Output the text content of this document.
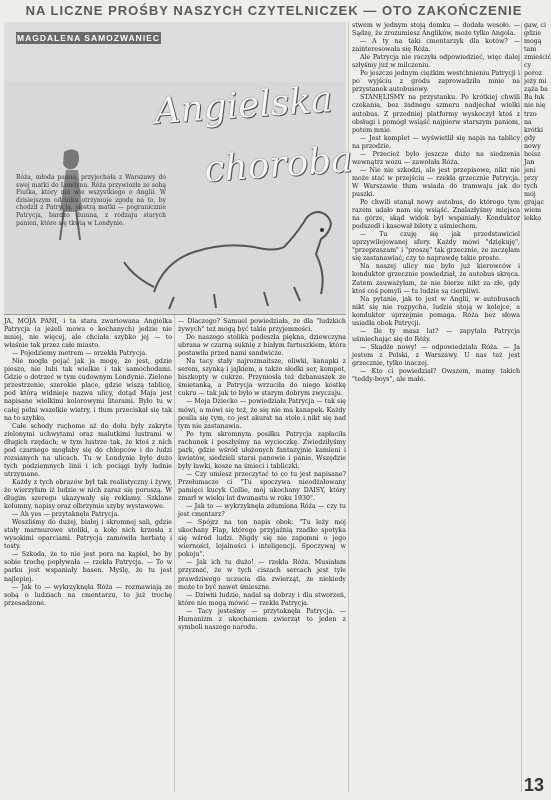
NA LICZNE PROŚBY NASZYCH CZYTELNICZEK — OTO ZAKOŃCZENIE
MAGDALENA SAMOZWANIEC
Angielska
choroba
Róża, młoda panna, przyjechała z Warszawy do swej matki do Londynu. Róża przywiozła ze sobą Fiutka, który nie wie wszystkiego o Anglii. W dzisiejszym odcinku otrzymuje zgodę na to, by chodził z Patrycją, siostrą matki — pogranicznie Patrycja, bardzo dumna, z rodzaju starych panien, które się tkwią w Londynie.

JA, MOJA PANI, i ta stara zwariowana Angielka Patrycja (a jeżeli mowa o kochanych) jedzie nie mniej, nie więcej, ale chciała szybko jej — to właśnie tak przez całe miasto.

— Pojedziemy metrem — orzekła Patrycja.

Nie mogła pojąć jak ja mogę, że jest, gdzie pieszo, nie lubi tak wielkie i tak samochodami. Gdzie o dotrzeć w tym cudownym Londynie. Zielone przestrzenie, szerokie place, gdzie wiszą tablicę, pod którą widnieje nazwa ulicy, dotąd Maja jest napisane wielkimi kolorowymi literami. Było tu w całej pełni wszelkie wiatry, i tłum przeciskał się tak na to szybko.

Całe schody ruchome aż do dołu były zakryte zielonymi uchwytami oraz malutkimi lustrami w długich rzędach; w tym lustrze tak, że ktoś z nich pod czarnego mogłaby się do chłopców i do ludzi rozsianych na ulicach. Tu w Londynie było dużo tych podziemnych linii i ich pociągi były ładnie utrzymane.

Każdy z tych obrazów był tak realistyczny i żywy, że wierzyłam iż ludzie w nich zaraz się poruszą. W długim szeregu ukazywały się reklamy. Szklane kolumny, napisy oraz olbrzymie szyby wystawowe.

— Ah yes — przytaknęła Patrycja.

Weszliśmy do dużej, białej i skromnej sali, gdzie stały marmurowe stoliki, a koło nich krzesła z wysokimi oparciami. Patrycja zamówiła herbatę i tosty.

— Szkoda, że to nie jest pora na kąpiel, bo by sobie trochę popływała — rzekła Patrycja. — To w parku jest wspaniały basen. Myślę, że tu jest najlepiej.

— Jak to — wykrzyknęła Róża — rozmawiają ze sobą o ludziach na cmentarzu, to już trochę przesadzone.

— Dlaczego? Samuel powiedziała, że dla "ludzkich żywych" też mogą być takie przyjemności.

Do naszego stolika podeszła piękna, dziewczyna ubrana w czarną suknię z białym fartuszkiem, która postawiła przed nami sandwicze.

Na tacy stały najrozmaitsze, oliwki, kanapki z serem, szynką i jajkiem, a także słodki ser, kompot, biszkopty w cukrze. Przyniosła też dzbanuszek ze śmietanką, a Patrycja wrzuciła do niego kostkę cukru — tak jak to było w starym dobrym zwyczaju.

— Moja Dziecko — powiedziała Patrycja — tak się mówi, a mówi się też, że się nie ma kanapek. Każdy posila się tym, co jest akurat na stole i nikt się nad tym nie zastanawia.

Po tym skromnym posiłku Patrycja zapłaciła rachunek i poszłyśmy na wycieczkę. Zwiedziłyśmy park, gdzie wśród ułożonych fantazyjnie kamieni i kwiatów, siedzieli starsi panowie i panie. Wszędzie były ławki, kosze na śmieci i tabliczki.

— Czy umiesz przeczytać to co tu jest napisane? Przełumacze ci "Tu spoczywa nieodżałowany pamięci kucyk Collie, mój ukochany DAISY, który zmarł w wieku lat dwunastu w roku 1930".

— Jak to — wykrzyknęła zdumiona Róża — czy tu jest cmentarz?

— Spójrz na ten napis obok: "Tu leży mój ukochany Flap, którego przyjaźnią rzadko spotyka się wśród ludzi. Nigdy się nie zapomni o jego wierności, lojalności i inteligencji. Spoczywaj w pokoju".

— Jak ich tu dużo! — rzekła Róża. Musiałam przyznać, że w tych ciszach sercach jest tyle prawdziwego uczucia dla zwierząt, że niekiedy może to być nawet śmieszne.

— Dziwni ludzie, nadal są dobrzy i dla stworzeń, które nie mogą mówić — rzekła Patrycja.

— Tacy jesteśmy — przytaknęła Patrycja. — Humanizm z ukochaniem zwierząt to jeden z symboli naszego narodu.

stwem w jednym stoją domku — dodała wesoło. — Sądzę, że zrozumiesz Anglików, może tylko Angola.

— A ty na taki cmentarzyk dla kotów? — zainteresowała się Róża.

Ale Patrycja nie raczyła odpowiedzieć, więc dalej szłyśmy już w milczeniu.

Po jeszcze jednym ciężkim westchnieniu Patrycji i po wyjściu z grodu zaprowadziła mnie na przystanek autobusowy.

STANĘLIŚMY na przystanku. Po krótkiej chwili czekania, bez żadnego szmeru nadjechał wielki autobus. Z przedniej platformy wyskoczył ktoś z obsługi i pomógł wsiąść najpierw starszym paniom, potem mnie.

— Jest komplet — wyświetlił się napis na tablicy na przodzie.

— Przecież było jeszcze dużo na siedzenia wewnątrz wozu — zawołała Róża.

— Nie nie szkodzi, ale jest przepisowe, nikt nie może stać w przejściu — rzekła grzecznie Patrycja. W Warszawie tłum wsiada do tramwaju jak do puszki.

Po chwili stanął nowy autobus, do którego tym razem udało nam się wsiąść. Znalazłyśmy miejsca na górze, skąd widok był wspaniały. Konduktor podszedł i kasował bilety z uśmiechem.

— Tu czuję się jak przedstawiciel uprzywilejowanej sfery. Każdy mówi "dziękuję", "przepraszam" i "proszę" tak grzecznie, że zaczęłam się zastanawiać, czy to naprawdę takie proste.

Na naszej ulicy nie było już kierowców i konduktor grzecznie powiedział, że autobus skręca. Zatem zauważyłam, że nie bierze nikt za złe, gdy ktoś coś pomyli — tu ludzie są cierpliwi.

Na pytanie, jak to jest w Anglii, w autobusach nikt się nie rozpycha, ludzie stoją w kolejce, a konduktor uprzejmie pomaga. Róża bez słowa usiadła obok Patrycji.

— Ile ty masz lat? — zapytała Patrycja uśmiechając się do Róży.

— Skądże nowy! — odpowiedziała Róża. — Ja jestem z Polski, z Warszawy. U nas też jest grzecznie, tylko inaczej.

— Kto ci powiedział? Owszem, mamy takich "teddy-boys", ale mało.

gaw, ci gdzie mogą tam zmieścić
cy poroz
jeży mi
ząża ba
Ba łuk
nie nię
trzo
na
krótki
gdy
nowy
boisz
Jan
jeni
przy
tych
mój
grając
wiem
lekko
13
